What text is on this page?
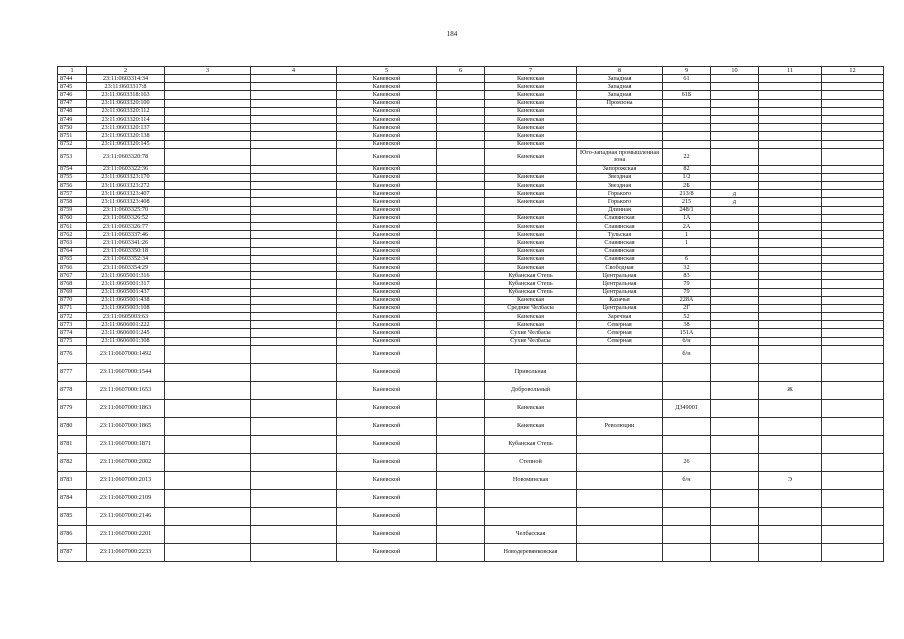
184
1	2	3	4	5	6	7	8	9	10	11	12
8744	23:11:0603314:34			Каневской		Каневская	Западная	61			
8745	23:11:0603317:8			Каневской		Каневская	Западная				
8746	23:11:0603318:163			Каневской		Каневская	Западная	61Б			
8747	23:11:0603320:100			Каневской		Каневская	Промзона				
8748	23:11:0603320:112			Каневской		Каневская					
8749	23:11:0603320:114			Каневской		Каневская					
8750	23:11:0603320:137			Каневской		Каневская					
8751	23:11:0603320:138			Каневской		Каневская					
8752	23:11:0603320:145			Каневской		Каневская					
8753	23:11:0603320:78			Каневской		Каневская	Юго-западная промышленная зона	22			
8754	23:11:0603322:36			Каневской			Запорожская	82			
8755	23:11:0603323:170			Каневской		Каневская	Звездная	1/2			
8756	23:11:0603323:272			Каневской		Каневская	Звездная	2Б			
8757	23:11:0603323:407			Каневской		Каневская	Горького	213/8	д		
8758	23:11:0603323:408			Каневской		Каневская	Горького	215	д		
8759	23:11:0603325:70			Каневской			Длинная	248/1			
8760	23:11:0603326:52			Каневской		Каневская	Славянская	1А			
8761	23:11:0603326:77			Каневской		Каневская	Славянская	2А			
8762	23:11:0603337:46			Каневской		Каневская	Тульская	1			
8763	23:11:0603341:26			Каневской		Каневская	Славянская	1			
8764	23:11:0603350:18			Каневской		Каневская	Славянская				
8765	23:11:0603352:34			Каневской		Каневская	Славянская	6			
8766	23:11:0603354:29			Каневской		Каневская	Свободная	32			
8767	23:11:0605001:316			Каневской		Кубанская Степь	Центральная	83			
8768	23:11:0605001:317			Каневской		Кубанская Степь	Центральная	79			
8769	23:11:0605001:437			Каневской		Кубанская Степь	Центральная	79			
8770	23:11:0605001:438			Каневской		Каневская	Казачья	228А			
8771	23:11:0605003:108			Каневской		Средние Челбасы	Центральная	2Г			
8772	23:11:0605003:63			Каневской		Каневская	Заречная	52			
8773	23:11:0606001:222			Каневской		Каневская	Северная	38			
8774	23:11:0606001:245			Каневской		Сухие Челбасы	Северная	151А			
8775	23:11:0606001:308			Каневской		Сухие Челбасы	Северная	б/н			
8776	23:11:0607000:1492			Каневской				б/н			
8777	23:11:0607000:1544			Каневской		Привольная					
8778	23:11:0607000:1653			Каневской		Добровольный				Ж	
8779	23:11:0607000:1863			Каневской		Каневская		Д349001			
8780	23:11:0607000:1865			Каневской		Каневская	Революции				
8781	23:11:0607000:1871			Каневской		Кубанская Степь					
8782	23:11:0607000:2002			Каневской		Степной		26			
8783	23:11:0607000:2013			Каневской		Новоминская		б/н		Э	
8784	23:11:0607000:2109			Каневской							
8785	23:11:0607000:2146			Каневской							
8786	23:11:0607000:2201			Каневской		Челбасская					
8787	23:11:0607000:2233			Каневской		Новодеревянковская					
